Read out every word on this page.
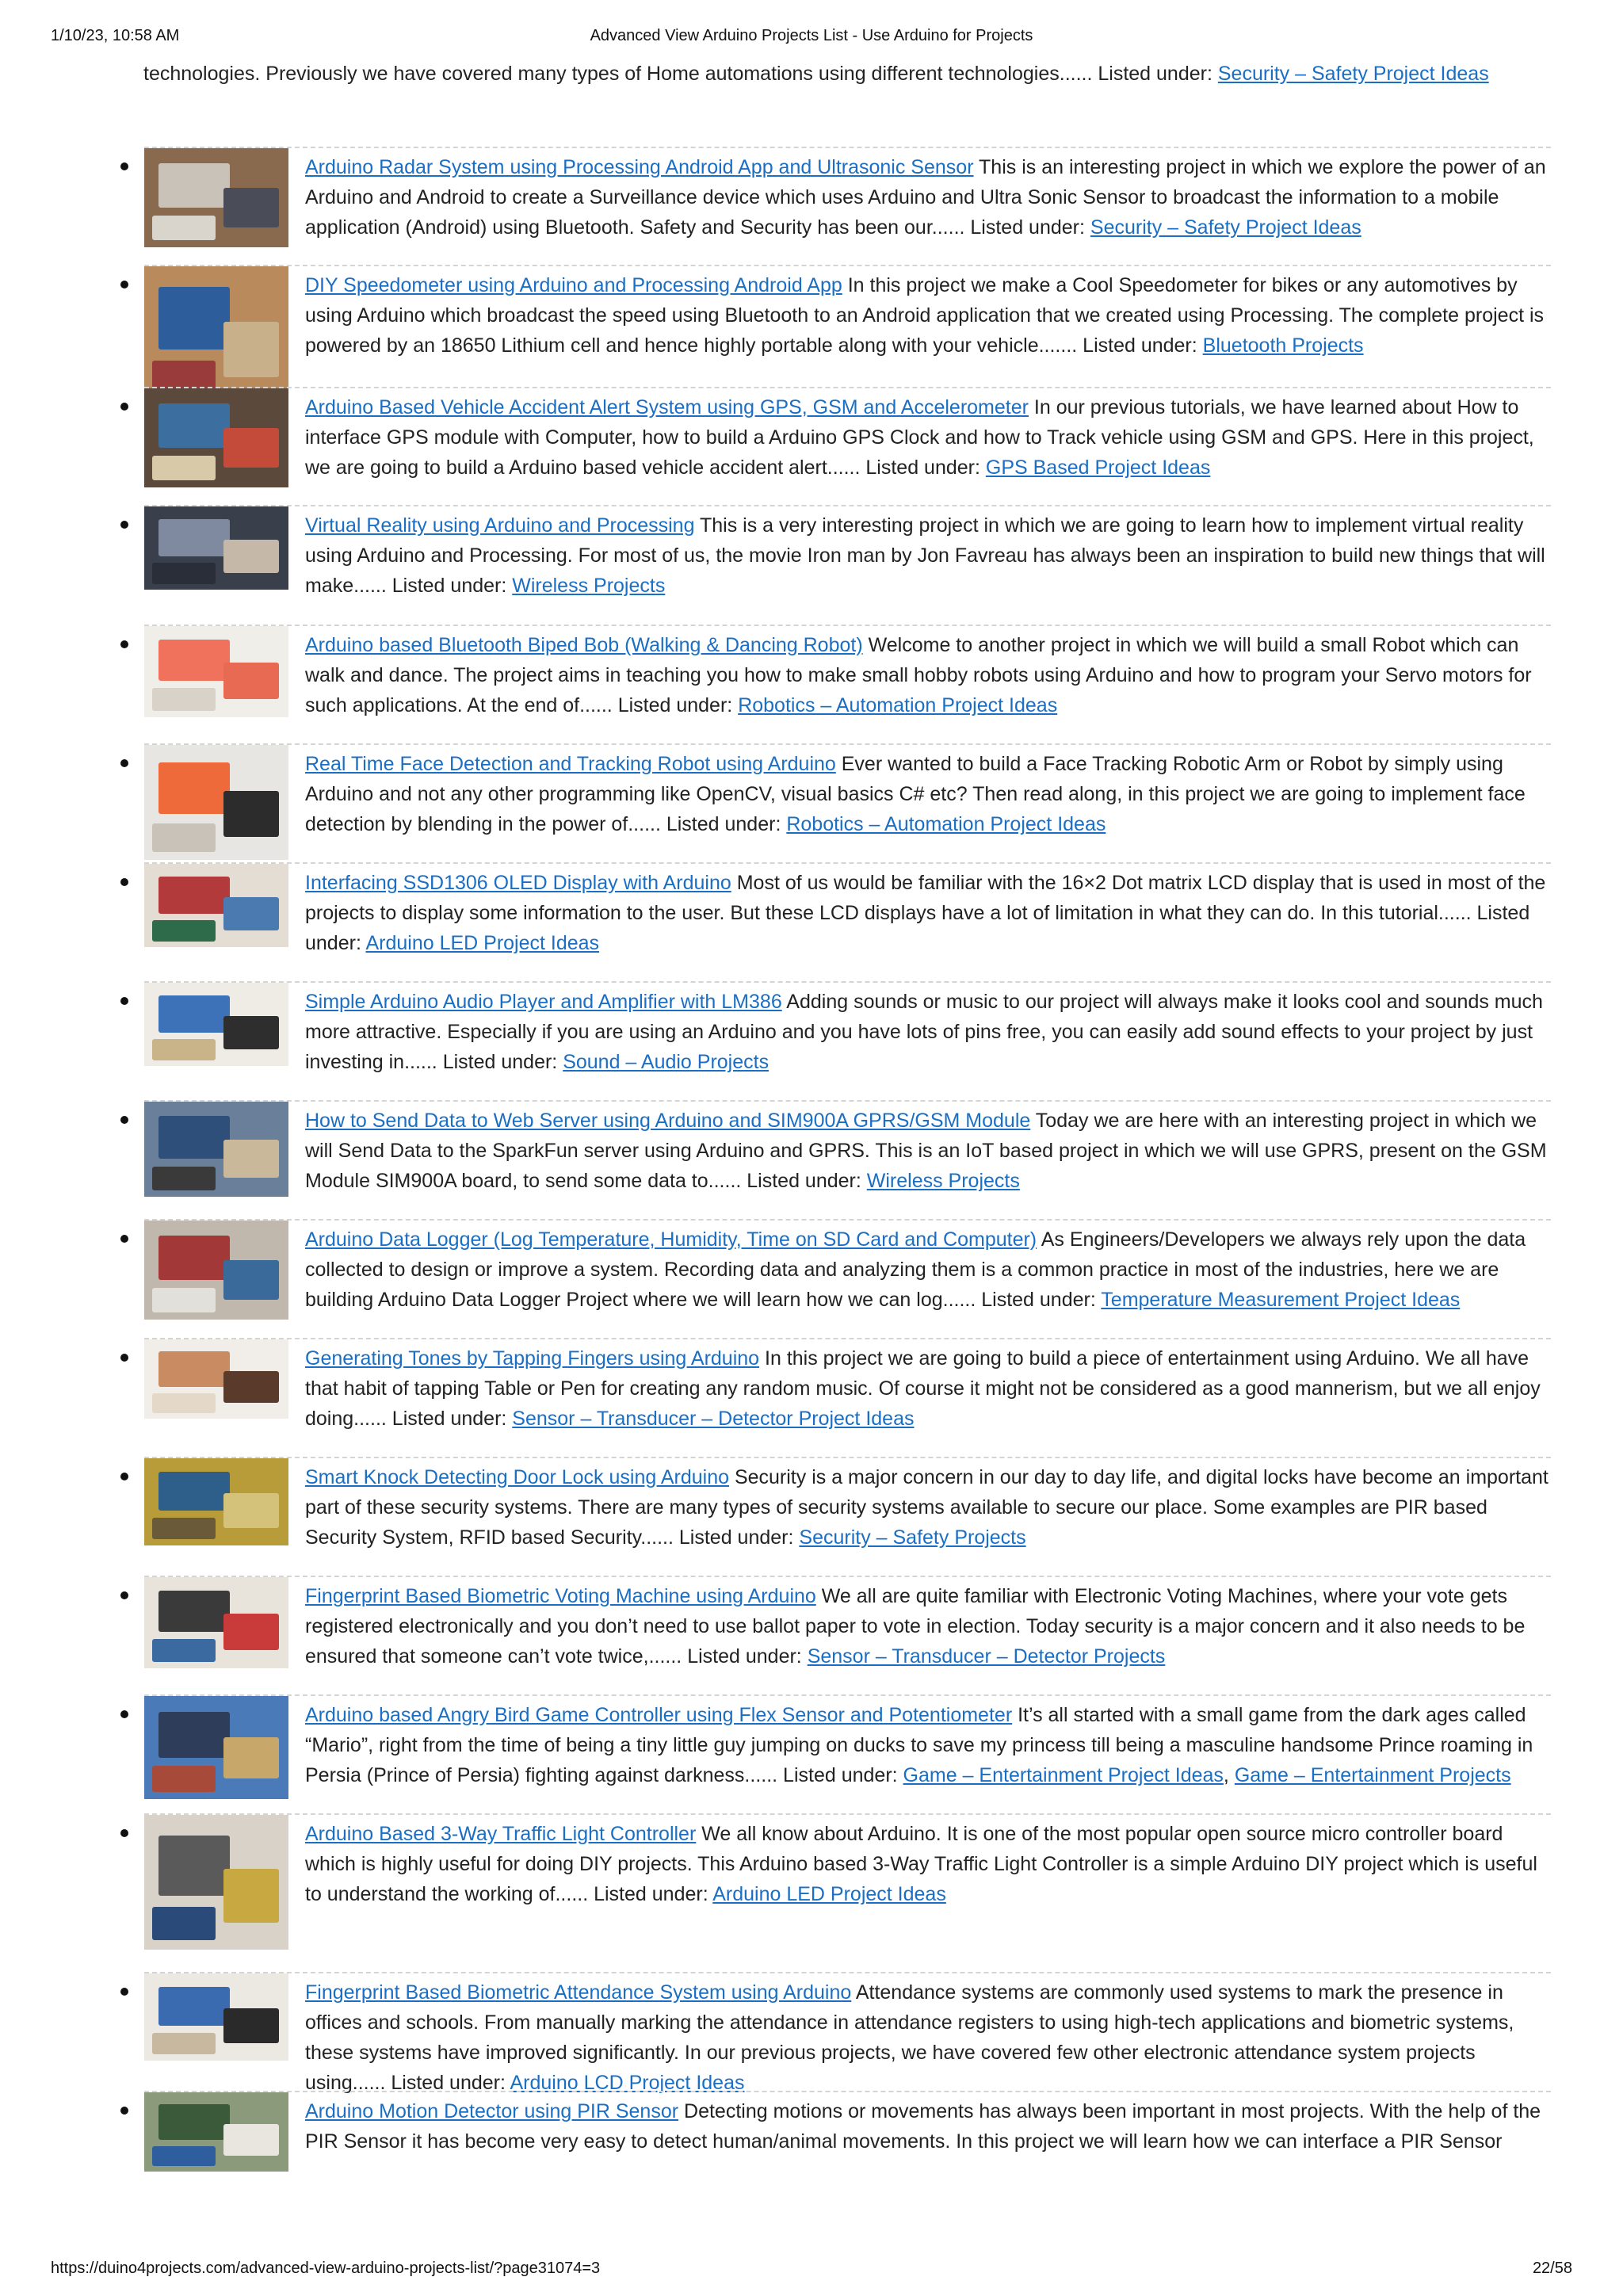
1/10/23, 10:58 AM	Advanced View Arduino Projects List - Use Arduino for Projects

technologies. Previously we have covered many types of Home automations using different technologies...... Listed under: Security – Safety Project Ideas

Arduino Radar System using Processing Android App and Ultrasonic Sensor This is an interesting project in which we explore the power of an Arduino and Android to create a Surveillance device which uses Arduino and Ultra Sonic Sensor to broadcast the information to a mobile application (Android) using Bluetooth. Safety and Security has been our...... Listed under: Security – Safety Project Ideas
DIY Speedometer using Arduino and Processing Android App In this project we make a Cool Speedometer for bikes or any automotives by using Arduino which broadcast the speed using Bluetooth to an Android application that we created using Processing. The complete project is powered by an 18650 Lithium cell and hence highly portable along with your vehicle....... Listed under: Bluetooth Projects
Arduino Based Vehicle Accident Alert System using GPS, GSM and Accelerometer In our previous tutorials, we have learned about How to interface GPS module with Computer, how to build a Arduino GPS Clock and how to Track vehicle using GSM and GPS. Here in this project, we are going to build a Arduino based vehicle accident alert...... Listed under: GPS Based Project Ideas
Virtual Reality using Arduino and Processing This is a very interesting project in which we are going to learn how to implement virtual reality using Arduino and Processing. For most of us, the movie Iron man by Jon Favreau has always been an inspiration to build new things that will make...... Listed under: Wireless Projects
Arduino based Bluetooth Biped Bob (Walking & Dancing Robot) Welcome to another project in which we will build a small Robot which can walk and dance. The project aims in teaching you how to make small hobby robots using Arduino and how to program your Servo motors for such applications. At the end of...... Listed under: Robotics – Automation Project Ideas
Real Time Face Detection and Tracking Robot using Arduino Ever wanted to build a Face Tracking Robotic Arm or Robot by simply using Arduino and not any other programming like OpenCV, visual basics C# etc? Then read along, in this project we are going to implement face detection by blending in the power of...... Listed under: Robotics – Automation Project Ideas
Interfacing SSD1306 OLED Display with Arduino Most of us would be familiar with the 16×2 Dot matrix LCD display that is used in most of the projects to display some information to the user. But these LCD displays have a lot of limitation in what they can do. In this tutorial...... Listed under: Arduino LED Project Ideas
Simple Arduino Audio Player and Amplifier with LM386 Adding sounds or music to our project will always make it looks cool and sounds much more attractive. Especially if you are using an Arduino and you have lots of pins free, you can easily add sound effects to your project by just investing in...... Listed under: Sound – Audio Projects
How to Send Data to Web Server using Arduino and SIM900A GPRS/GSM Module Today we are here with an interesting project in which we will Send Data to the SparkFun server using Arduino and GPRS. This is an IoT based project in which we will use GPRS, present on the GSM Module SIM900A board, to send some data to...... Listed under: Wireless Projects
Arduino Data Logger (Log Temperature, Humidity, Time on SD Card and Computer) As Engineers/Developers we always rely upon the data collected to design or improve a system. Recording data and analyzing them is a common practice in most of the industries, here we are building Arduino Data Logger Project where we will learn how we can log...... Listed under: Temperature Measurement Project Ideas
Generating Tones by Tapping Fingers using Arduino In this project we are going to build a piece of entertainment using Arduino. We all have that habit of tapping Table or Pen for creating any random music. Of course it might not be considered as a good mannerism, but we all enjoy doing...... Listed under: Sensor – Transducer – Detector Project Ideas
Smart Knock Detecting Door Lock using Arduino Security is a major concern in our day to day life, and digital locks have become an important part of these security systems. There are many types of security systems available to secure our place. Some examples are PIR based Security System, RFID based Security...... Listed under: Security – Safety Projects
Fingerprint Based Biometric Voting Machine using Arduino We all are quite familiar with Electronic Voting Machines, where your vote gets registered electronically and you don’t need to use ballot paper to vote in election. Today security is a major concern and it also needs to be ensured that someone can’t vote twice,...... Listed under: Sensor – Transducer – Detector Projects
Arduino based Angry Bird Game Controller using Flex Sensor and Potentiometer It’s all started with a small game from the dark ages called “Mario”, right from the time of being a tiny little guy jumping on ducks to save my princess till being a masculine handsome Prince roaming in Persia (Prince of Persia) fighting against darkness...... Listed under: Game – Entertainment Project Ideas, Game – Entertainment Projects
Arduino Based 3-Way Traffic Light Controller We all know about Arduino. It is one of the most popular open source micro controller board which is highly useful for doing DIY projects. This Arduino based 3-Way Traffic Light Controller is a simple Arduino DIY project which is useful to understand the working of...... Listed under: Arduino LED Project Ideas
Fingerprint Based Biometric Attendance System using Arduino Attendance systems are commonly used systems to mark the presence in offices and schools. From manually marking the attendance in attendance registers to using high-tech applications and biometric systems, these systems have improved significantly. In our previous projects, we have covered few other electronic attendance system projects using...... Listed under: Arduino LCD Project Ideas
Arduino Motion Detector using PIR Sensor Detecting motions or movements has always been important in most projects. With the help of the PIR Sensor it has become very easy to detect human/animal movements. In this project we will learn how we can interface a PIR Sensor
https://duino4projects.com/advanced-view-arduino-projects-list/?page31074=3	22/58
